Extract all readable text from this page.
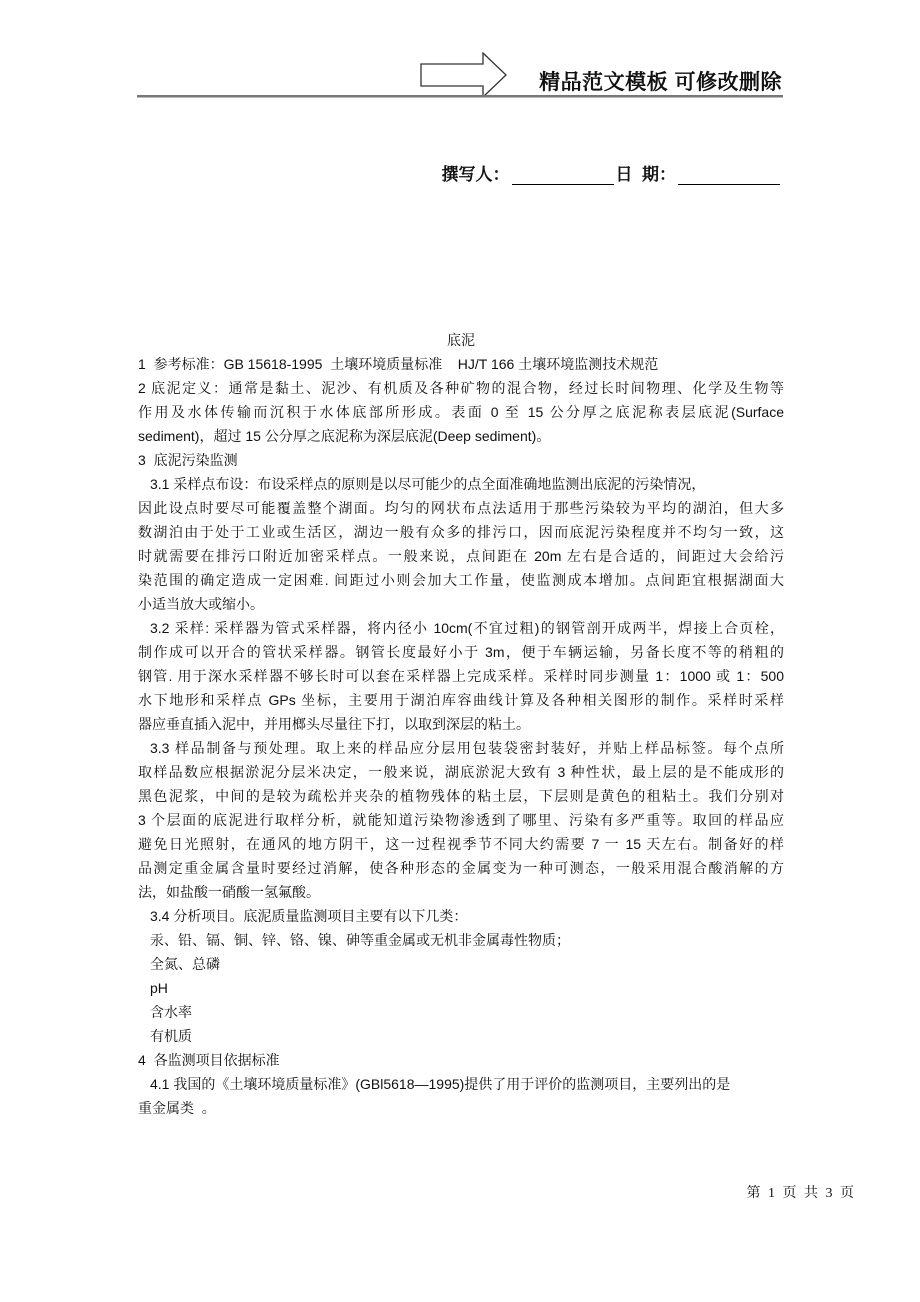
精品范文模板 可修改删除
撰写人：	日  期：
底泥
1  参考标准：GB 15618-1995  土壤环境质量标准    HJ/T 166 土壤环境监测技术规范
2 底泥定义：通常是黏土、泥沙、有机质及各种矿物的混合物，经过长时间物理、化学及生物等
作用及水体传输而沉积于水体底部所形成。表面 0 至 15 公分厚之底泥称表层底泥(Surface
sediment)，超过 15 公分厚之底泥称为深层底泥(Deep sediment)。
3  底泥污染监测
3.1 采样点布设：布设采样点的原则是以尽可能少的点全面准确地监测出底泥的污染情况，
因此设点时要尽可能覆盖整个湖面。均匀的网状布点法适用于那些污染较为平均的湖泊，但大多
数湖泊由于处于工业或生活区，湖边一般有众多的排污口，因而底泥污染程度并不均匀一致，这
时就需要在排污口附近加密采样点。一般来说，点间距在 20m 左右是合适的，间距过大会给污
染范围的确定造成一定困难. 间距过小则会加大工作量，使监测成本增加。点间距宜根据湖面大
小适当放大或缩小。
3.2 采样: 采样器为管式采样器，将内径小 10cm(不宜过粗)的钢管剖开成两半，焊接上合页栓，
制作成可以开合的管状采样器。钢管长度最好小于 3m，便于车辆运输，另备长度不等的稍粗的
钢管. 用于深水采样器不够长时可以套在采样器上完成采样。采样时同步测量 1：1000 或 1：500
水下地形和采样点 GPs 坐标，主要用于湖泊库容曲线计算及各种相关图形的制作。采样时采样
器应垂直插入泥中，并用榔头尽量往下打，以取到深层的粘土。
3.3 样品制备与预处理。取上来的样品应分层用包装袋密封装好，并贴上样品标签。每个点所
取样品数应根据淤泥分层米决定，一般来说，湖底淤泥大致有 3 种性状，最上层的是不能成形的
黑色泥浆，中间的是较为疏松并夹杂的植物残体的粘土层，下层则是黄色的租粘土。我们分别对
3 个层面的底泥进行取样分析，就能知道污染物渗透到了哪里、污染有多严重等。取回的样品应
避免日光照射，在通风的地方阴干，这一过程视季节不同大约需要 7 一 15 天左右。制备好的样
品测定重金属含量时要经过消解，使各种形态的金属变为一种可测态，一般采用混合酸消解的方
法，如盐酸一硝酸一氢氟酸。
3.4 分析项目。底泥质量监测项目主要有以下几类：
汞、铅、镉、铜、锌、铬、镍、砷等重金属或无机非金属毒性物质；
全氮、总磷
pH
含水率
有机质
4  各监测项目依据标准
4.1 我国的《土壤环境质量标准》(GBl5618—1995)提供了用于评价的监测项目，主要列出的是
重金属类  。
第 1 页 共 3 页
